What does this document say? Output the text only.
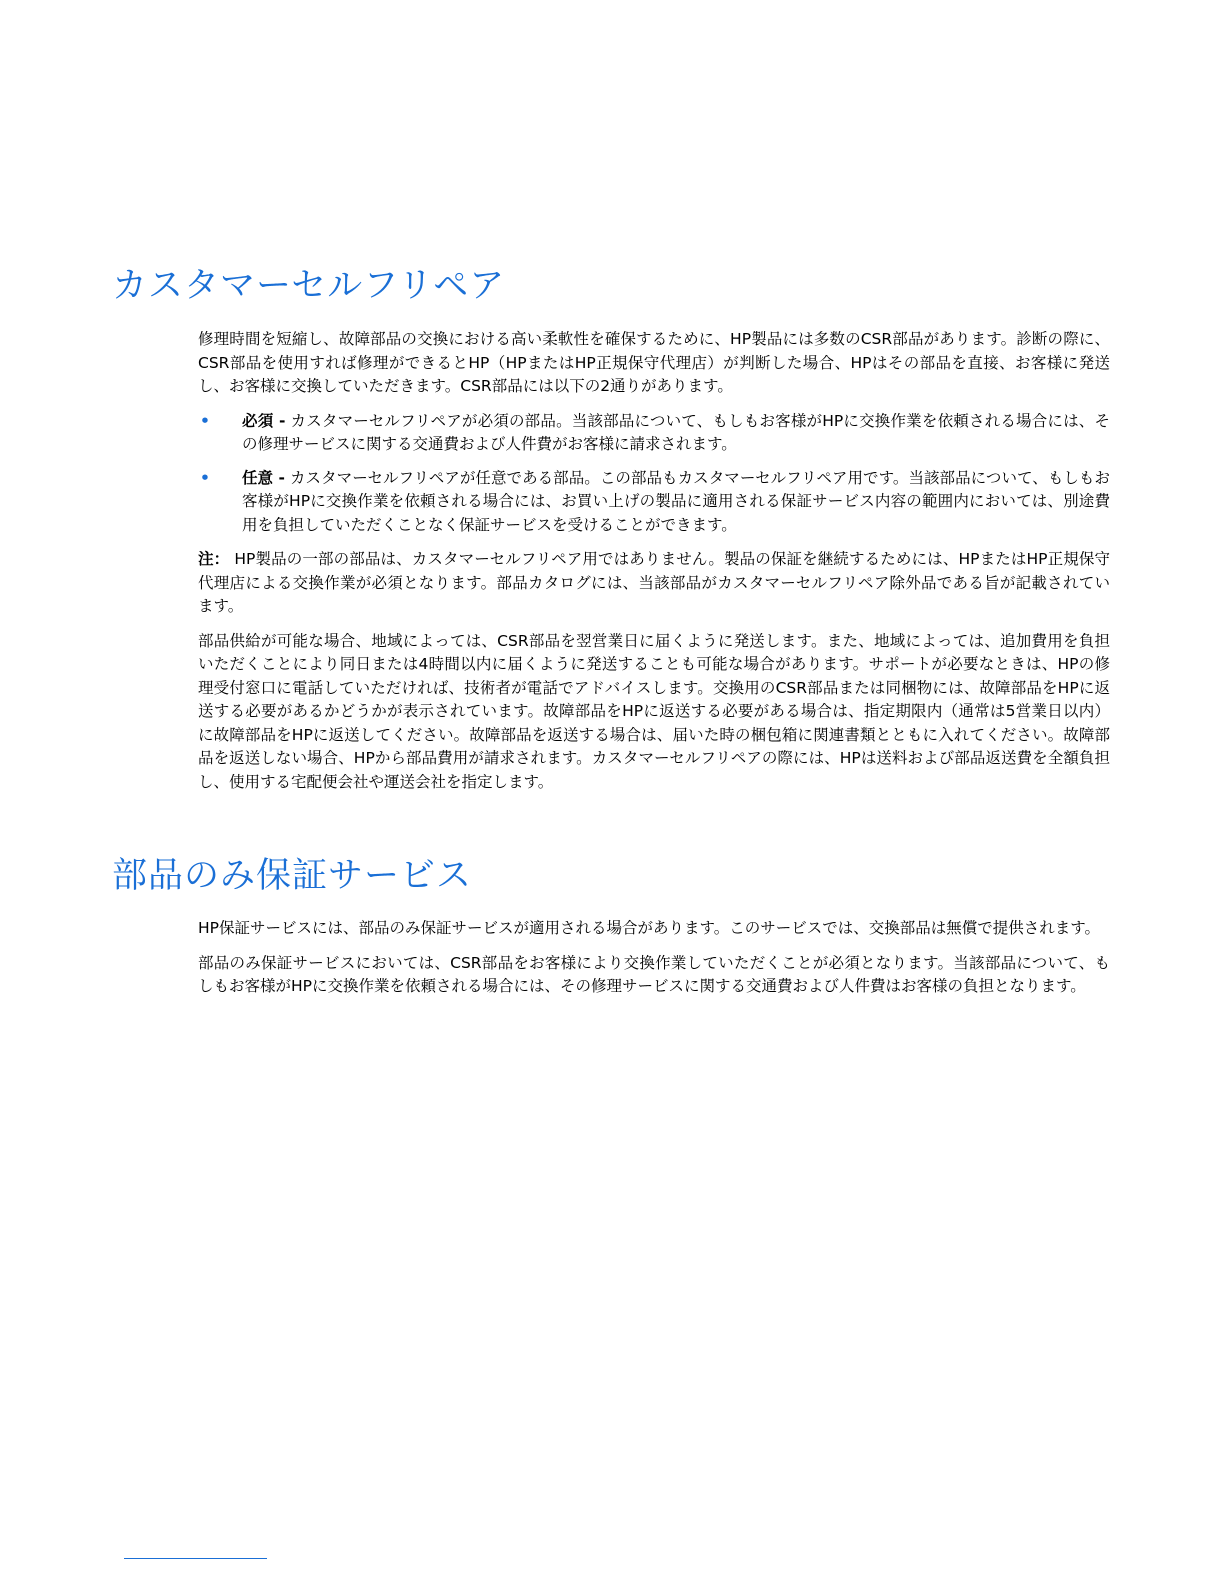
カスタマーセルフリペア

修理時間を短縮し、故障部品の交換における高い柔軟性を確保するために、HP製品には多数のCSR部品があります。診断の際に、CSR部品を使用すれば修理ができるとHP（HPまたはHP正規保守代理店）が判断した場合、HPはその部品を直接、お客様に発送し、お客様に交換していただきます。CSR部品には以下の2通りがあります。

• 必須 - カスタマーセルフリペアが必須の部品。当該部品について、もしもお客様がHPに交換作業を依頼される場合には、その修理サービスに関する交通費および人件費がお客様に請求されます。
• 任意 - カスタマーセルフリペアが任意である部品。この部品もカスタマーセルフリペア用です。当該部品について、もしもお客様がHPに交換作業を依頼される場合には、お買い上げの製品に適用される保証サービス内容の範囲内においては、別途費用を負担していただくことなく保証サービスを受けることができます。

注： HP製品の一部の部品は、カスタマーセルフリペア用ではありません。製品の保証を継続するためには、HPまたはHP正規保守代理店による交換作業が必須となります。部品カタログには、当該部品がカスタマーセルフリペア除外品である旨が記載されています。

部品供給が可能な場合、地域によっては、CSR部品を翌営業日に届くように発送します。また、地域によっては、追加費用を負担いただくことにより同日または4時間以内に届くように発送することも可能な場合があります。サポートが必要なときは、HPの修理受付窓口に電話していただければ、技術者が電話でアドバイスします。交換用のCSR部品または同梱物には、故障部品をHPに返送する必要があるかどうかが表示されています。故障部品をHPに返送する必要がある場合は、指定期限内（通常は5営業日以内）に故障部品をHPに返送してください。故障部品を返送する場合は、届いた時の梱包箱に関連書類とともに入れてください。故障部品を返送しない場合、HPから部品費用が請求されます。カスタマーセルフリペアの際には、HPは送料および部品返送費を全額負担し、使用する宅配便会社や運送会社を指定します。

部品のみ保証サービス

HP保証サービスには、部品のみ保証サービスが適用される場合があります。このサービスでは、交換部品は無償で提供されます。

部品のみ保証サービスにおいては、CSR部品をお客様により交換作業していただくことが必須となります。当該部品について、もしもお客様がHPに交換作業を依頼される場合には、その修理サービスに関する交通費および人件費はお客様の負担となります。
